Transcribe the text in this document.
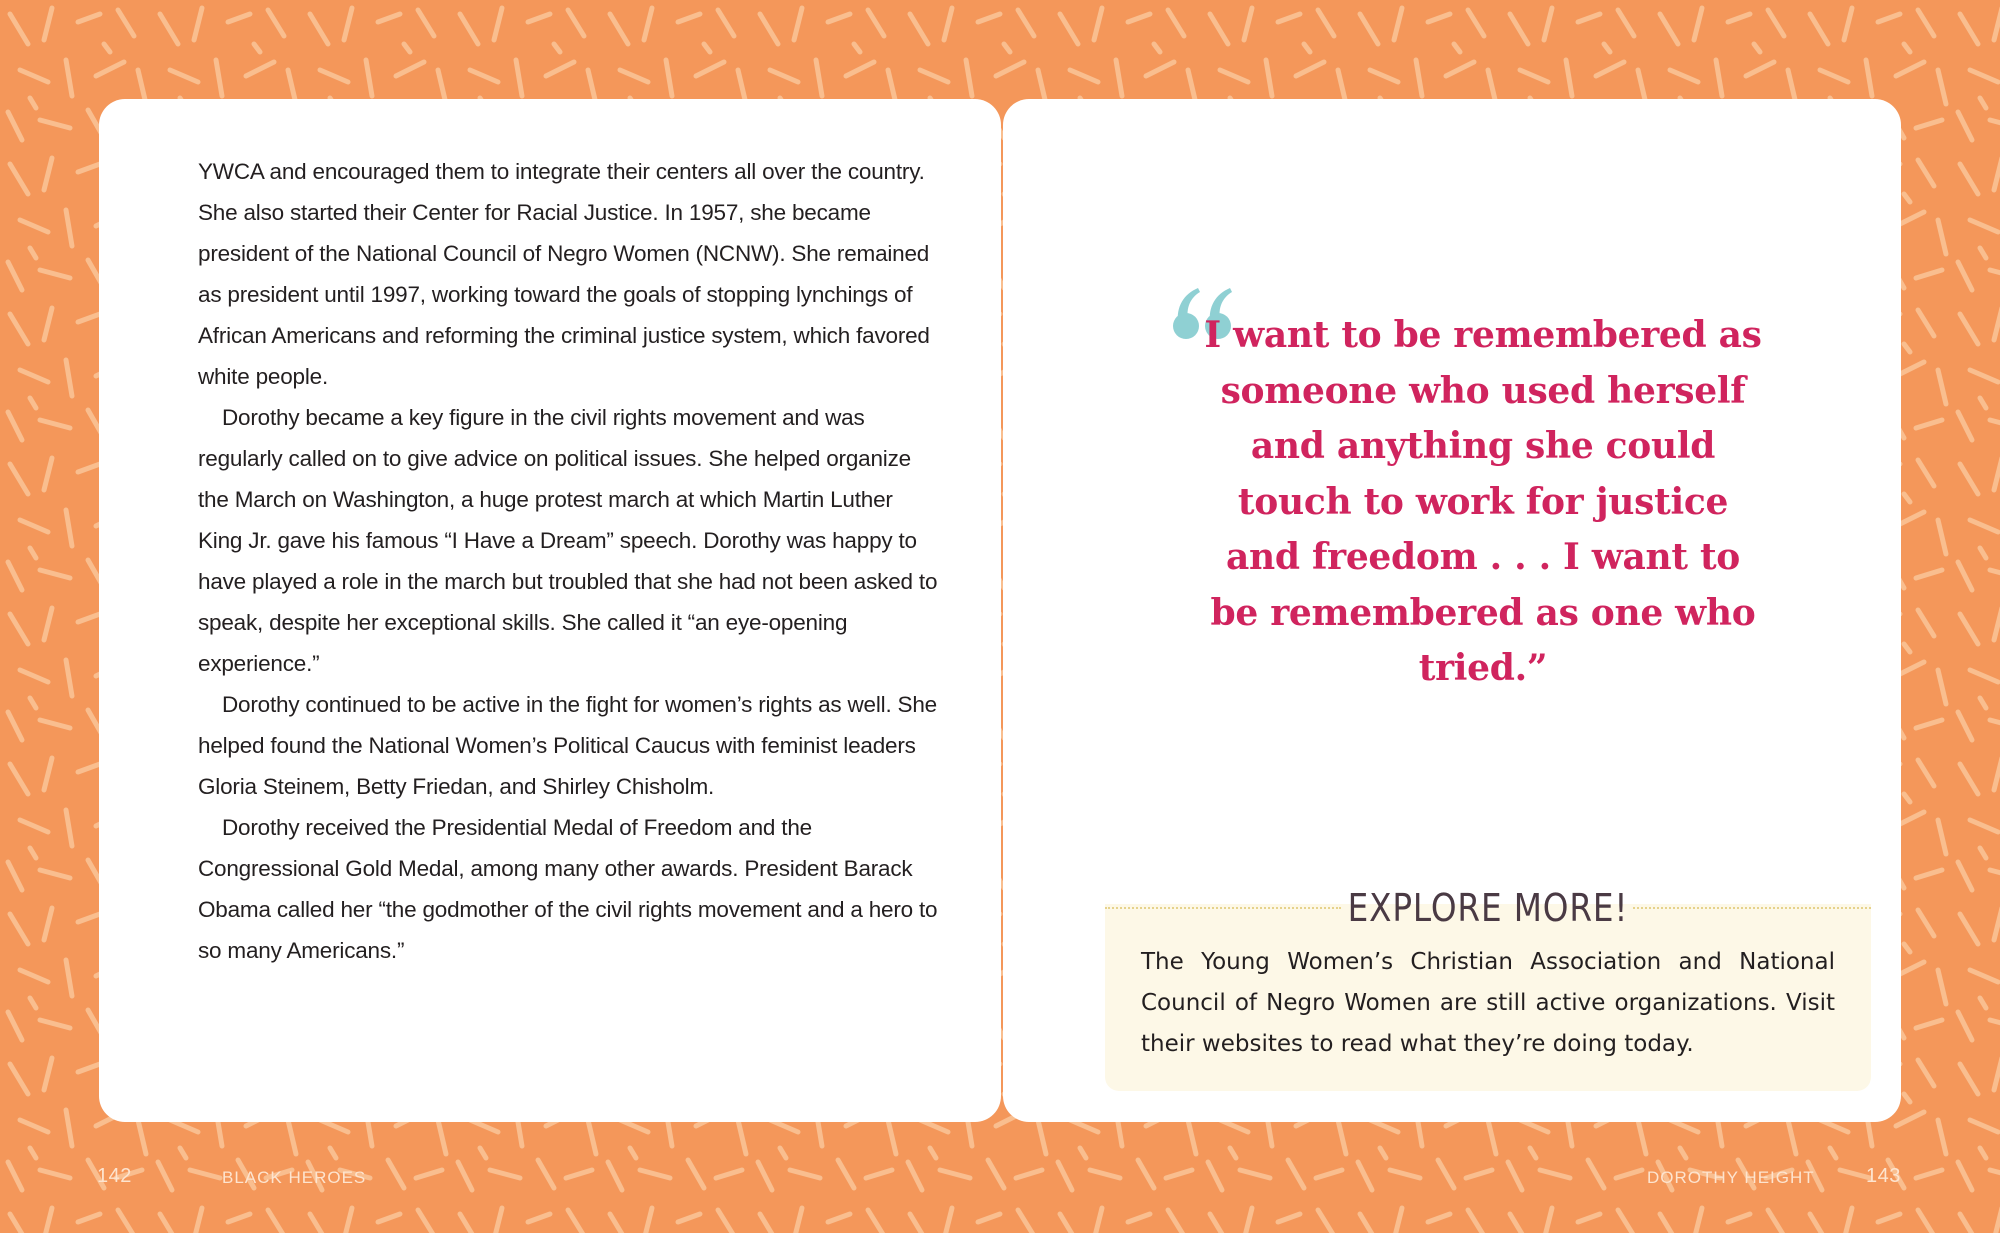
YWCA and encouraged them to integrate their centers all over the country. She also started their Center for Racial Justice. In 1957, she became president of the National Council of Negro Women (NCNW). She remained as president until 1997, working toward the goals of stopping lynchings of African Americans and reforming the criminal justice system, which favored white people.

Dorothy became a key figure in the civil rights movement and was regularly called on to give advice on political issues. She helped organize the March on Washington, a huge protest march at which Martin Luther King Jr. gave his famous “I Have a Dream” speech. Dorothy was happy to have played a role in the march but troubled that she had not been asked to speak, despite her exceptional skills. She called it “an eye-opening experience.”

Dorothy continued to be active in the fight for women’s rights as well. She helped found the National Women’s Political Caucus with feminist leaders Gloria Steinem, Betty Friedan, and Shirley Chisholm.

Dorothy received the Presidential Medal of Freedom and the Congressional Gold Medal, among many other awards. President Barack Obama called her “the godmother of the civil rights movement and a hero to so many Americans.”

I want to be remembered as someone who used herself and anything she could touch to work for justice and freedom . . . I want to be remembered as one who tried.”

EXPLORE MORE!

The Young Women’s Christian Association and National Council of Negro Women are still active organizations. Visit their websites to read what they’re doing today.

142	BLACK HEROES	DOROTHY HEIGHT	143
